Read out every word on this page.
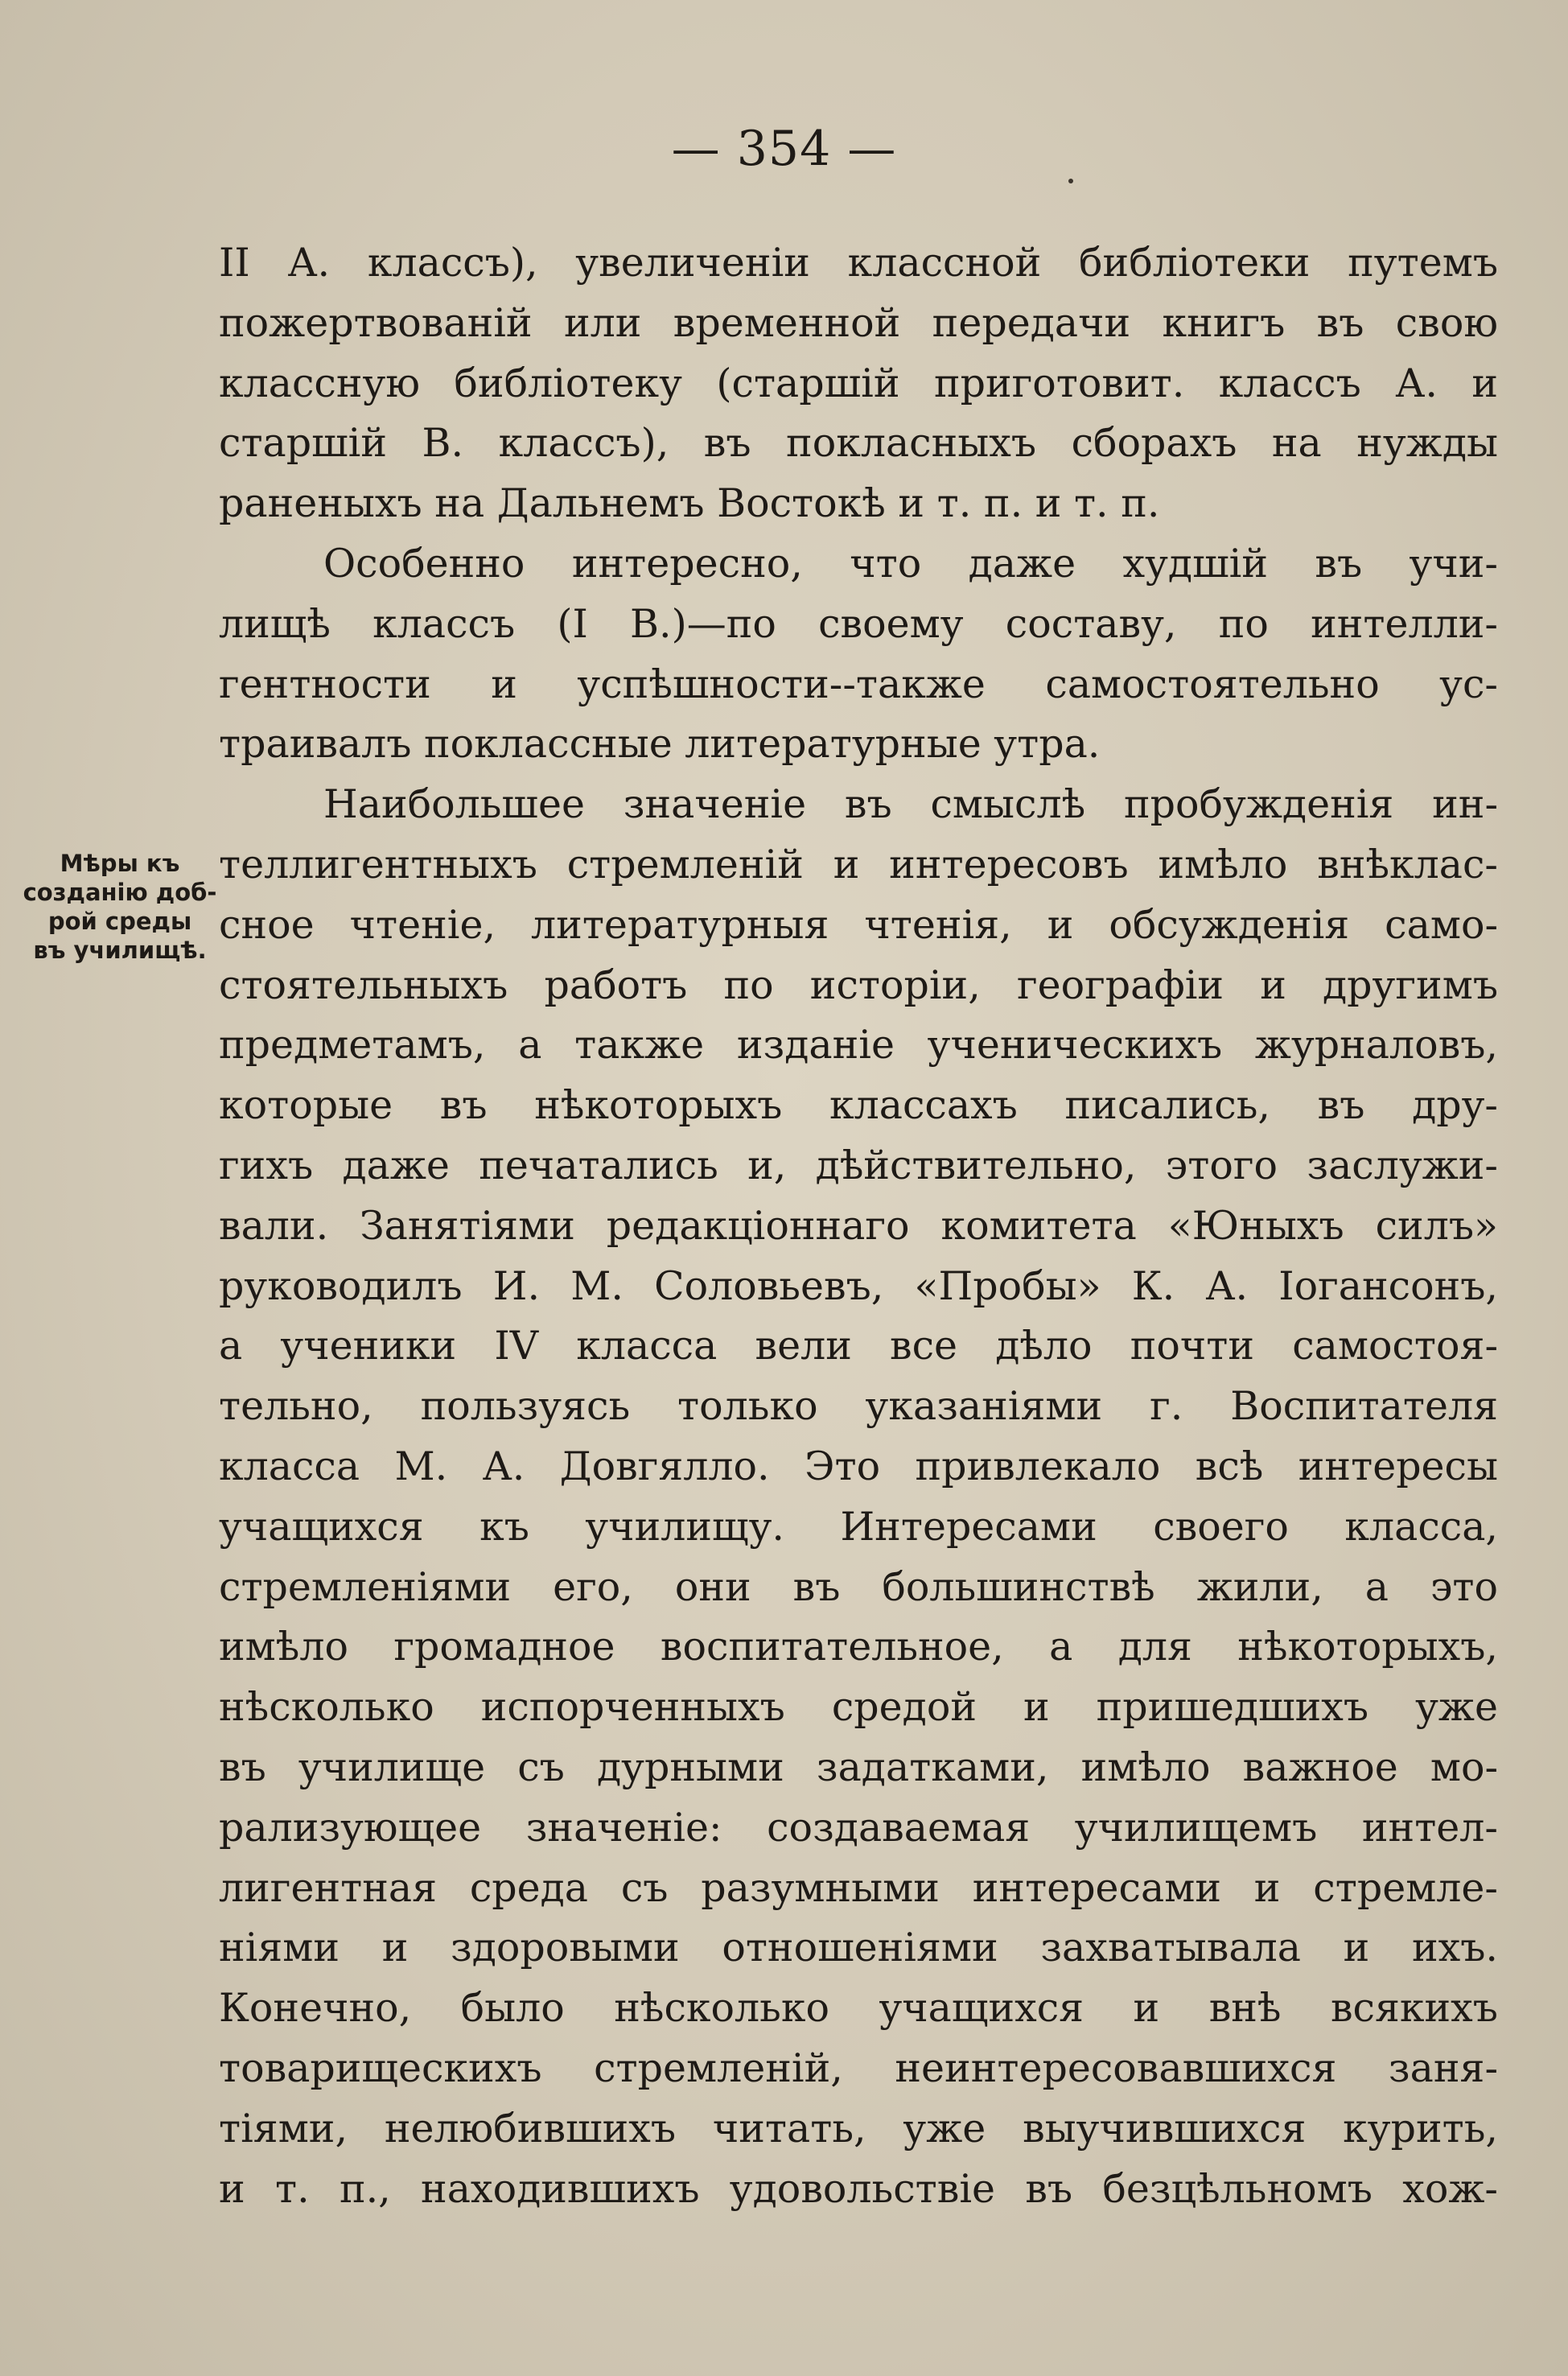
— 354 —
Мѣры къ
созданію доб-
рой среды
въ училищѣ.
II А. классъ), увеличеніи классной библіотеки путемъ
пожертвованій или временной передачи книгъ въ свою
классную библіотеку (старшій приготовит. классъ А. и
старшій В. классъ), въ покласныхъ сборахъ на нужды
раненыхъ на Дальнемъ Востокѣ и т. п. и т. п.
Особенно интересно, что даже худшій въ учи-
лищѣ классъ (I В.)—по своему составу, по интелли-
гентности и успѣшности--также самостоятельно ус-
траивалъ покласcные литературные утра.
Наибольшее значеніе въ смыслѣ пробужденія ин-
теллигентныхъ стремленій и интересовъ имѣло внѣклас-
сное чтеніе, литературныя чтенія, и обсужденія само-
стоятельныхъ работъ по исторіи, географіи и другимъ
предметамъ, а также изданіе ученическихъ журналовъ,
которые въ нѣкоторыхъ классахъ писались, въ дру-
гихъ даже печатались и, дѣйствительно, этого заслужи-
вали. Занятіями редакціоннаго комитета «Юныхъ силъ»
руководилъ И. М. Соловьевъ, «Пробы» К. А. Іогансонъ,
а ученики IV класса вели все дѣло почти самостоя-
тельно, пользуясь только указаніями г. Воспитателя
класса М. А. Довгялло. Это привлекало всѣ интересы
учащихся къ училищу. Интересами своего класса,
стремленіями его, они въ большинствѣ жили, а это
имѣло громадное воспитательное, а для нѣкоторыхъ,
нѣсколько испорченныхъ средой и пришедшихъ уже
въ училище съ дурными задатками, имѣло важное мо-
рализующее значеніе: создаваемая училищемъ интел-
лигентная среда съ разумными интересами и стремле-
ніями и здоровыми отношеніями захватывала и ихъ.
Конечно, было нѣсколько учащихся и внѣ всякихъ
товарищескихъ стремленій, неинтересовавшихся заня-
тіями, нелюбившихъ читать, уже выучившихся курить,
и т. п., находившихъ удовольствіе въ безцѣльномъ хож-
